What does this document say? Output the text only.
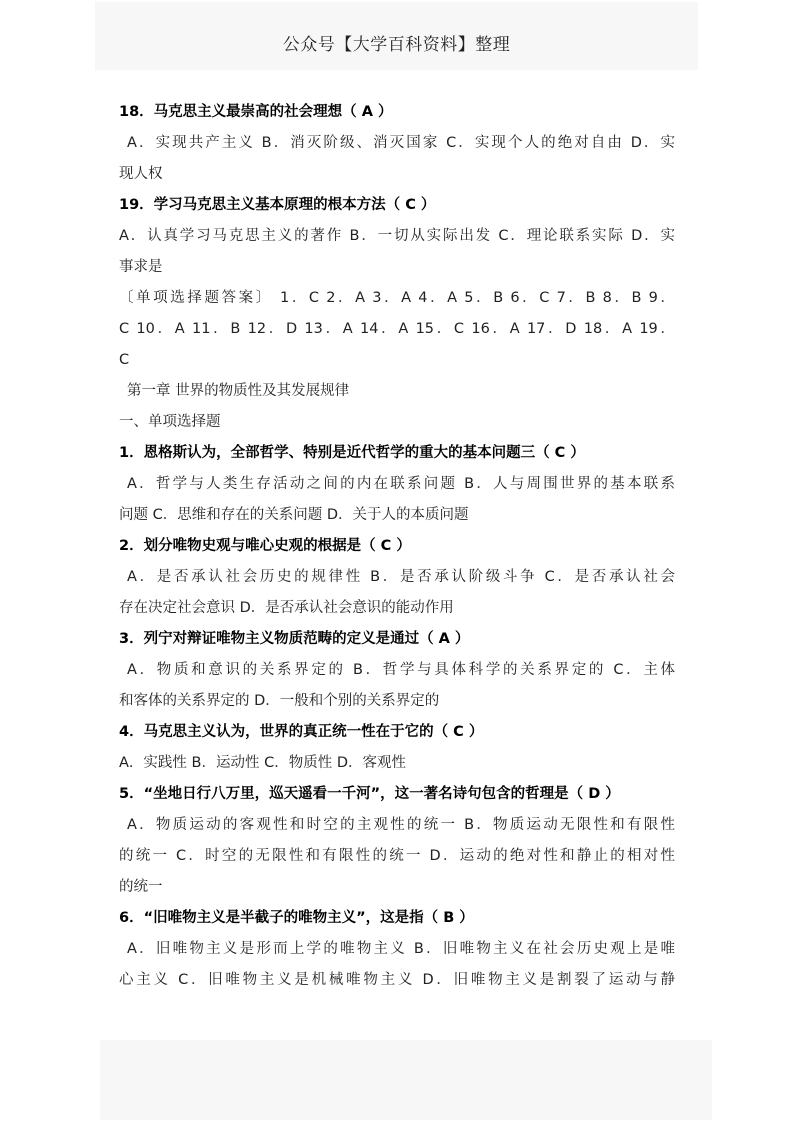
公众号【大学百科资料】整理
18．马克思主义最崇高的社会理想（ A ）
A．实现共产主义 B．消灭阶级、消灭国家 C．实现个人的绝对自由 D．实
现人权
19．学习马克思主义基本原理的根本方法（ C ）
A．认真学习马克思主义的著作 B．一切从实际出发 C．理论联系实际 D．实
事求是
〔单项选择题答案〕 1．C 2．A 3．A 4．A 5．B 6．C 7．B 8．B 9．
C 10．A 11．B 12．D 13．A 14．A 15．C 16．A 17．D 18．A 19．
C
第一章 世界的物质性及其发展规律
一、单项选择题
1．恩格斯认为，全部哲学、特别是近代哲学的重大的基本问题三（ C ）
A．哲学与人类生存活动之间的内在联系问题 B．人与周围世界的基本联系
问题 C．思维和存在的关系问题 D．关于人的本质问题
2．划分唯物史观与唯心史观的根据是（ C ）
A．是否承认社会历史的规律性 B．是否承认阶级斗争 C．是否承认社会
存在决定社会意识 D．是否承认社会意识的能动作用
3．列宁对辩证唯物主义物质范畴的定义是通过（ A ）
A．物质和意识的关系界定的 B．哲学与具体科学的关系界定的 C．主体
和客体的关系界定的 D．一般和个别的关系界定的
4．马克思主义认为，世界的真正统一性在于它的（ C ）
A．实践性 B．运动性 C．物质性 D．客观性
5．“坐地日行八万里，巡天遥看一千河”，这一著名诗句包含的哲理是（ D ）
A．物质运动的客观性和时空的主观性的统一 B．物质运动无限性和有限性
的统一 C．时空的无限性和有限性的统一 D．运动的绝对性和静止的相对性
的统一
6．“旧唯物主义是半截子的唯物主义”，这是指（ B ）
A．旧唯物主义是形而上学的唯物主义 B．旧唯物主义在社会历史观上是唯
心主义 C．旧唯物主义是机械唯物主义 D．旧唯物主义是割裂了运动与静
